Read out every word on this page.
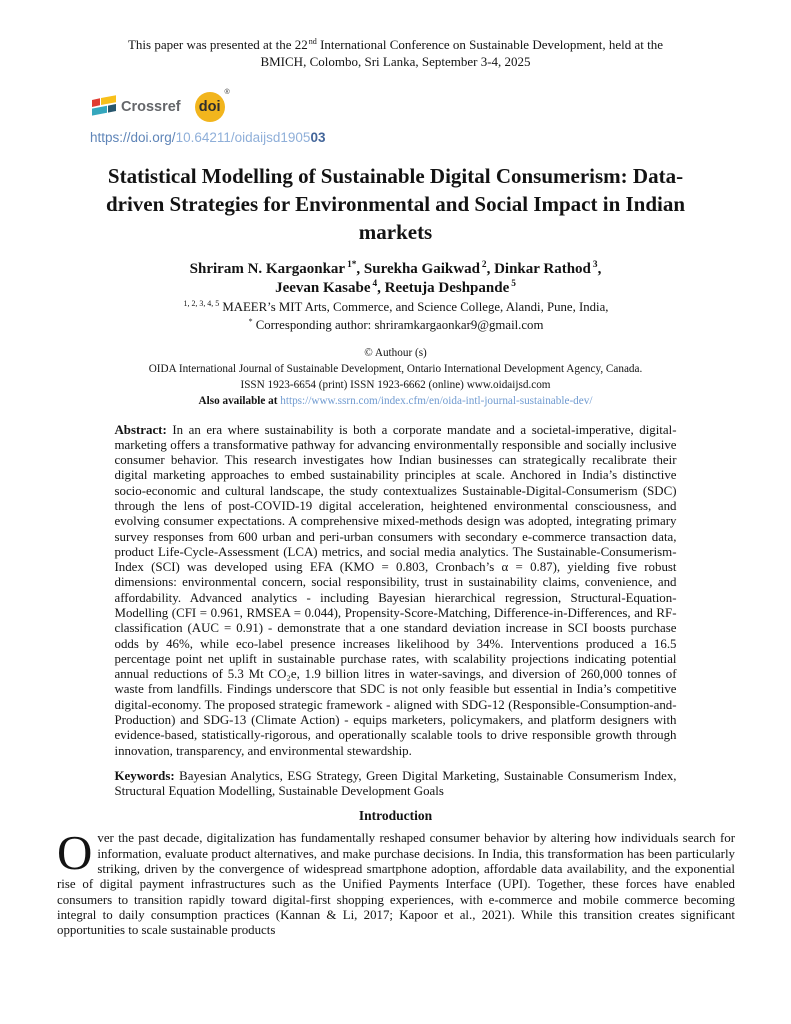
This paper was presented at the 22nd International Conference on Sustainable Development, held at the BMICH, Colombo, Sri Lanka, September 3-4, 2025

Crossref doi
®
https://doi.org/10.64211/oidaijsd190503
Statistical Modelling of Sustainable Digital Consumerism: Data-driven Strategies for Environmental and Social Impact in Indian markets
Shriram N. Kargaonkar $^{1*}$, Surekha Gaikwad $^2$, Dinkar Rathod $^3$,
Jeevan Kasabe $^4$, Reetuja Deshpande $^5$
$^{1, 2, 3, 4, 5}$ MAEER’s MIT Arts, Commerce, and Science College, Alandi, Pune, India,
* Corresponding author: shriramkargaonkar9@gmail.com
© Authour (s)
OIDA International Journal of Sustainable Development, Ontario International Development Agency, Canada.
ISSN 1923-6654 (print) ISSN 1923-6662 (online) www.oidaijsd.com
Also available at https://www.ssrn.com/index.cfm/en/oida-intl-journal-sustainable-dev/

Abstract: In an era where sustainability is both a corporate mandate and a societal-imperative, digital-marketing offers a transformative pathway for advancing environmentally responsible and socially inclusive consumer behavior. This research investigates how Indian businesses can strategically recalibrate their digital marketing approaches to embed sustainability principles at scale. Anchored in India’s distinctive socio-economic and cultural landscape, the study contextualizes Sustainable-Digital-Consumerism (SDC) through the lens of post-COVID-19 digital acceleration, heightened environmental consciousness, and evolving consumer expectations. A comprehensive mixed-methods design was adopted, integrating primary survey responses from 600 urban and peri-urban consumers with secondary e-commerce transaction data, product Life-Cycle-Assessment (LCA) metrics, and social media analytics. The Sustainable-Consumerism-Index (SCI) was developed using EFA (KMO = 0.803, Cronbach’s α = 0.87), yielding five robust dimensions: environmental concern, social responsibility, trust in sustainability claims, convenience, and affordability. Advanced analytics - including Bayesian hierarchical regression, Structural-Equation-Modelling (CFI = 0.961, RMSEA = 0.044), Propensity-Score-Matching, Difference-in-Differences, and RF-classification (AUC = 0.91) - demonstrate that a one standard deviation increase in SCI boosts purchase odds by 46%, while eco-label presence increases likelihood by 34%. Interventions produced a 16.5 percentage point net uplift in sustainable purchase rates, with scalability projections indicating potential annual reductions of 5.3 Mt CO₂e, 1.9 billion litres in water-savings, and diversion of 260,000 tonnes of waste from landfills. Findings underscore that SDC is not only feasible but essential in India’s competitive digital-economy. The proposed strategic framework - aligned with SDG-12 (Responsible-Consumption-and-Production) and SDG-13 (Climate Action) - equips marketers, policymakers, and platform designers with evidence-based, statistically-rigorous, and operationally scalable tools to drive responsible growth through innovation, transparency, and environmental stewardship.

Keywords: Bayesian Analytics, ESG Strategy, Green Digital Marketing, Sustainable Consumerism Index, Structural Equation Modelling, Sustainable Development Goals

Introduction

Over the past decade, digitalization has fundamentally reshaped consumer behavior by altering how individuals search for information, evaluate product alternatives, and make purchase decisions. In India, this transformation has been particularly striking, driven by the convergence of widespread smartphone adoption, affordable data availability, and the exponential rise of digital payment infrastructures such as the Unified Payments Interface (UPI). Together, these forces have enabled consumers to transition rapidly toward digital-first shopping experiences, with e-commerce and mobile commerce becoming integral to daily consumption practices (Kannan & Li, 2017; Kapoor et al., 2021). While this transition creates significant opportunities to scale sustainable products
